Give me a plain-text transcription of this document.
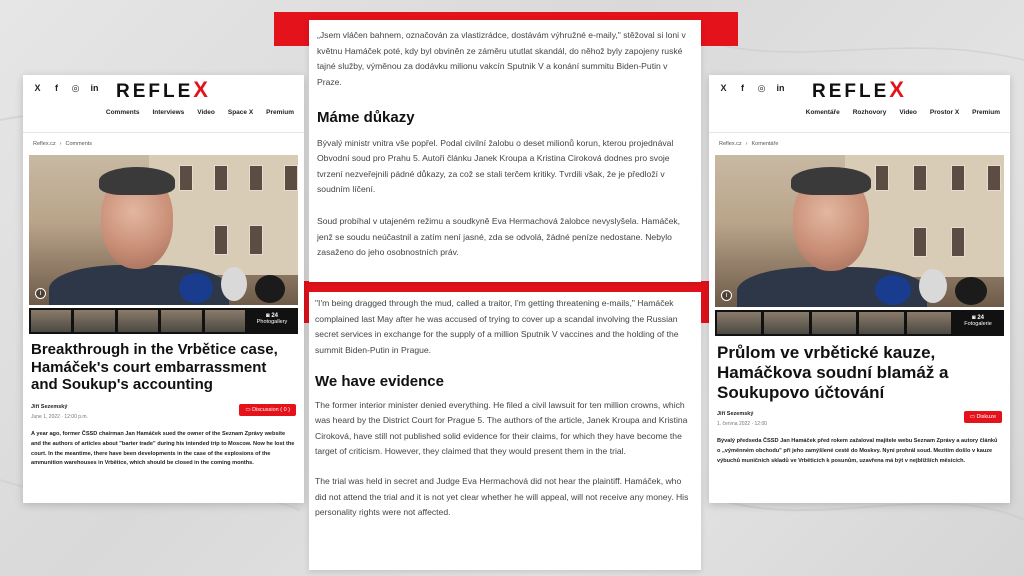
X	f	◎ in REFLEX
Comments Interviews Video Space X Premium
Reflex.cz › Comments
i
◙ 24
Photogallery
Breakthrough in the Vrbětice case, Hamáček's court embarrassment and Soukup's accounting
Jiří Sezemský
June 1, 2022 · 12:00 p.m.
▭ Discussion ( 0 )
A year ago, former ČSSD chairman Jan Hamáček sued the owner of the Seznam Zprávy website and the authors of articles about "barter trade" during his intended trip to Moscow. Now he lost the court. In the meantime, there have been developments in the case of the explosions of the ammunition warehouses in Vrbětice, which should be closed in the coming months.
X	f	◎ in REFLEX
Komentáře Rozhovory Video Prostor X Premium
Reflex.cz › Komentáře
i
◙ 24
Fotogalerie
Průlom ve vrbětické kauze, Hamáčkova soudní blamáž a Soukupovo účtování
Jiří Sezemský
1. června 2022 · 12:00
▭ Diskuze
Bývalý předseda ČSSD Jan Hamáček před rokem zažaloval majitele webu Seznam Zprávy a autory článků o „výměnném obchodu" při jeho zamýšlené cestě do Moskvy. Nyní prohrál soud. Mezitím došlo v kauze výbuchů muničních skladů ve Vrběticích k posunům, uzavřena má být v nejbližších měsících.

„Jsem vláčen bahnem, označován za vlastizrádce, dostávám výhružné e-maily," stěžoval si loni v květnu Hamáček poté, kdy byl obviněn ze záměru ututlat skandál, do něhož byly zapojeny ruské tajné služby, výměnou za dodávku milionu vakcín Sputnik V a konání summitu Biden-Putin v Praze.

Máme důkazy

Bývalý ministr vnitra vše popřel. Podal civilní žalobu o deset milionů korun, kterou projednával Obvodní soud pro Prahu 5. Autoři článku Janek Kroupa a Kristina Ciroková dodnes pro svoje tvrzení nezveřejnili pádné důkazy, za což se stali terčem kritiky. Tvrdili však, že je předloží v soudním líčení.

Soud probíhal v utajeném režimu a soudkyně Eva Hermachová žalobce nevyslyšela. Hamáček, jenž se soudu neúčastnil a zatím není jasné, zda se odvolá, žádné peníze nedostane. Nebylo zasaženo do jeho osobnostních práv.

"I'm being dragged through the mud, called a traitor, I'm getting threatening e-mails," Hamáček complained last May after he was accused of trying to cover up a scandal involving the Russian secret services in exchange for the supply of a million Sputnik V vaccines and the holding of the summit Biden-Putin in Prague.

We have evidence

The former interior minister denied everything. He filed a civil lawsuit for ten million crowns, which was heard by the District Court for Prague 5. The authors of the article, Janek Kroupa and Kristina Ciroková, have still not published solid evidence for their claims, for which they have become the target of criticism. However, they claimed that they would present them in the trial.

The trial was held in secret and Judge Eva Hermachová did not hear the plaintiff. Hamáček, who did not attend the trial and it is not yet clear whether he will appeal, will not receive any money. His personality rights were not affected.
